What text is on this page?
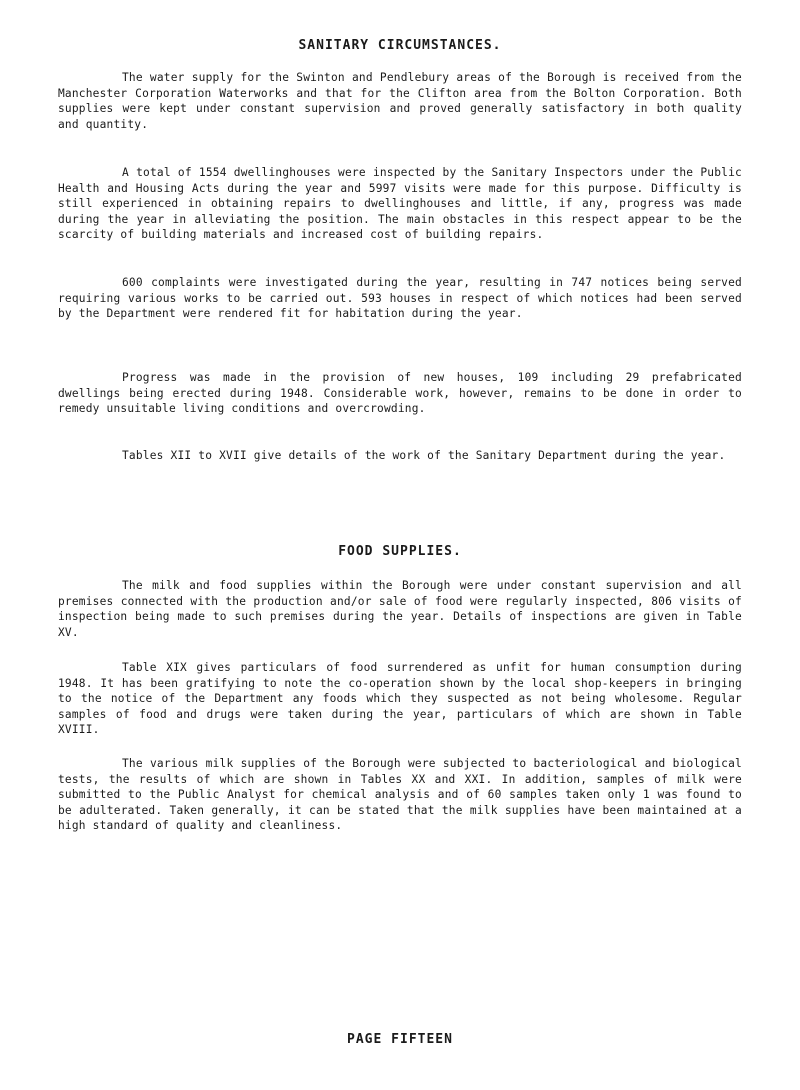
SANITARY CIRCUMSTANCES.

The water supply for the Swinton and Pendlebury areas of the Borough is received from the Manchester Corporation Waterworks and that for the Clifton area from the Bolton Corporation. Both supplies were kept under constant supervision and proved generally satisfactory in both quality and quantity.

A total of 1554 dwellinghouses were inspected by the Sanitary Inspectors under the Public Health and Housing Acts during the year and 5997 visits were made for this purpose. Difficulty is still experienced in obtaining repairs to dwellinghouses and little, if any, progress was made during the year in alleviating the position. The main obstacles in this respect appear to be the scarcity of building materials and increased cost of building repairs.

600 complaints were investigated during the year, resulting in 747 notices being served requiring various works to be carried out. 593 houses in respect of which notices had been served by the Department were rendered fit for habitation during the year.

Progress was made in the provision of new houses, 109 including 29 prefabricated dwellings being erected during 1948. Considerable work, however, remains to be done in order to remedy unsuitable living conditions and overcrowding.

Tables XII to XVII give details of the work of the Sanitary Department during the year.

FOOD SUPPLIES.

The milk and food supplies within the Borough were under constant supervision and all premises connected with the production and/or sale of food were regularly inspected, 806 visits of inspection being made to such premises during the year. Details of inspections are given in Table XV.

Table XIX gives particulars of food surrendered as unfit for human consumption during 1948. It has been gratifying to note the co-operation shown by the local shop-keepers in bringing to the notice of the Department any foods which they suspected as not being wholesome. Regular samples of food and drugs were taken during the year, particulars of which are shown in Table XVIII.

The various milk supplies of the Borough were subjected to bacteriological and biological tests, the results of which are shown in Tables XX and XXI. In addition, samples of milk were submitted to the Public Analyst for chemical analysis and of 60 samples taken only 1 was found to be adulterated. Taken generally, it can be stated that the milk supplies have been maintained at a high standard of quality and cleanliness.

PAGE FIFTEEN
